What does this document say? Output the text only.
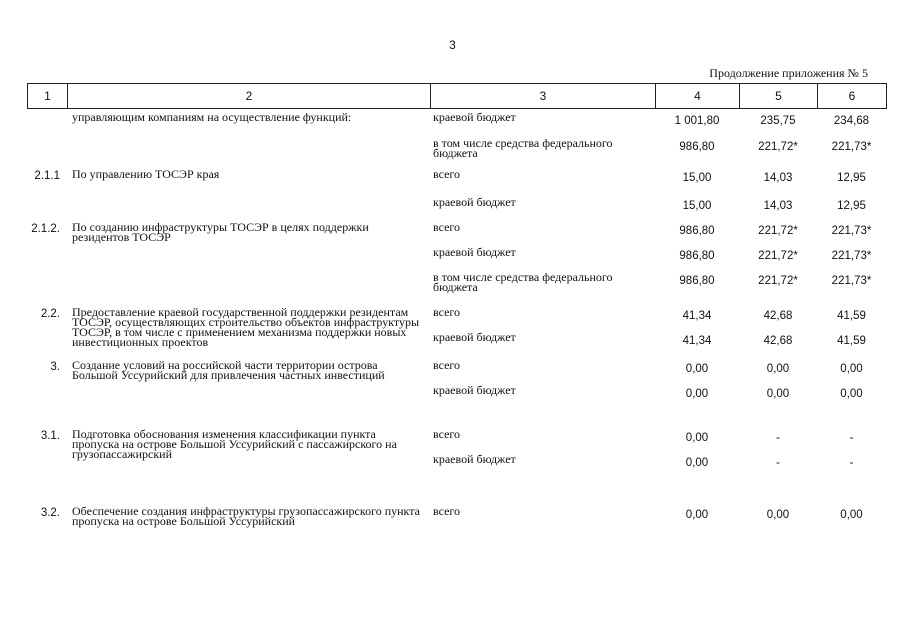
3
Продолжение приложения № 5
1	2	3	4	5	6
	управляющим компаниям на осуществление функций:	краевой бюджет	1 001,80	235,75	234,68
		в том числе средства федерального бюджета	986,80	221,72*	221,73*
2.1.1	По управлению ТОСЭР края	всего	15,00	14,03	12,95
		краевой бюджет	15,00	14,03	12,95
2.1.2.	По созданию инфраструктуры ТОСЭР в целях поддержки резидентов ТОСЭР	всего	986,80	221,72*	221,73*
		краевой бюджет	986,80	221,72*	221,73*
		в том числе средства федерального бюджета	986,80	221,72*	221,73*
2.2.	Предоставление краевой государственной поддержки резидентам ТОСЭР, осуществляющих строительство объектов инфраструктуры ТОСЭР, в том числе с применением механизма поддержки новых инвестиционных проектов	всего	41,34	42,68	41,59
		краевой бюджет	41,34	42,68	41,59
3.	Создание условий на российской части территории острова Большой Уссурийский для привлечения частных инвестиций	всего	0,00	0,00	0,00
		краевой бюджет	0,00	0,00	0,00
3.1.	Подготовка обоснования изменения классификации пункта пропуска на острове Большой Уссурийский с пассажирского на грузопассажирский	всего	0,00	-	-
		краевой бюджет	0,00	-	-
3.2.	Обеспечение создания инфраструктуры грузопассажирского пункта пропуска на острове Большой Уссурийский	всего	0,00	0,00	0,00
